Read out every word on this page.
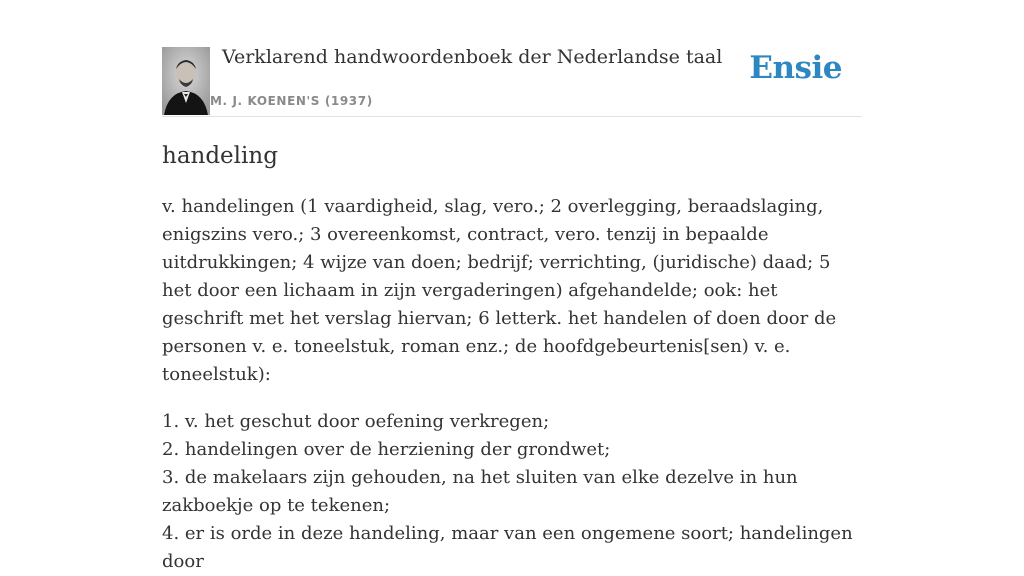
Verklarend handwoordenboek der Nederlandse taal
M. J. KOENEN'S (1937)
Ensie
handeling

v. handelingen (1 vaardigheid, slag, vero.; 2 overlegging, beraadslaging, enigszins vero.; 3 overeenkomst, contract, vero. tenzij in bepaalde uitdrukkingen; 4 wijze van doen; bedrijf; verrichting, (juridische) daad; 5 het door een lichaam in zijn vergaderingen) afgehandelde; ook: het geschrift met het verslag hiervan; 6 letterk. het handelen of doen door de personen v. e. toneelstuk, roman enz.; de hoofdgebeurtenis[sen) v. e. toneelstuk):

1. v. het geschut door oefening verkregen;
2. handelingen over de herziening der grondwet;
3. de makelaars zijn gehouden, na het sluiten van elke dezelve in hun zakboekje op te tekenen;
4. er is orde in deze handeling, maar van een ongemene soort; handelingen door
